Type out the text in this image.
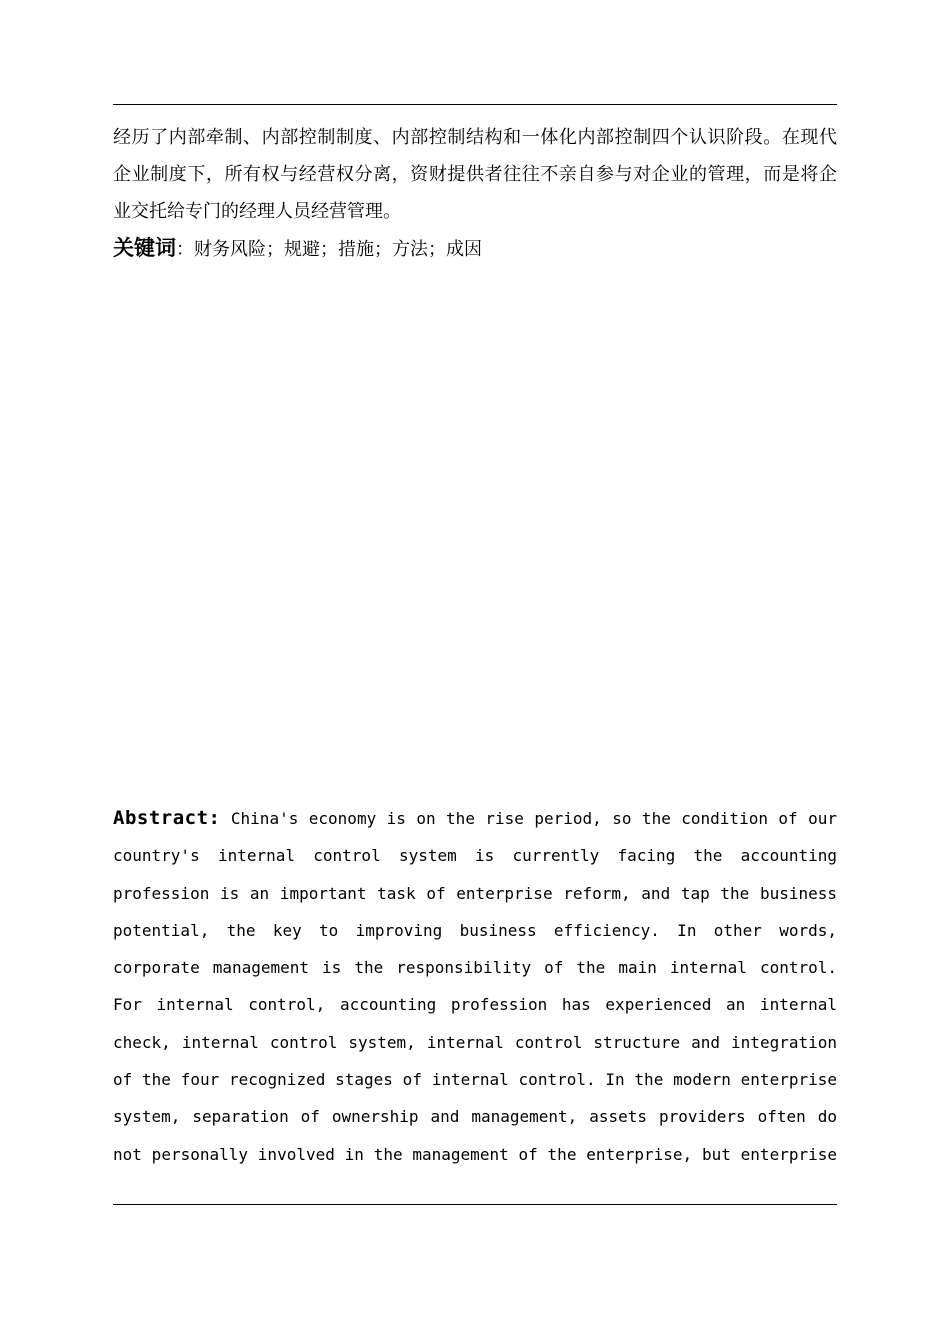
经历了内部牵制、内部控制制度、内部控制结构和一体化内部控制四个认识阶段。在现代
企业制度下，所有权与经营权分离，资财提供者往往不亲自参与对企业的管理，而是将企
业交托给专门的经理人员经营管理。
关键词：财务风险；规避；措施；方法；成因
Abstract: China's economy is on the rise period, so the condition of our
country's internal control system is currently facing the accounting
profession is an important task of enterprise reform, and tap the business
potential, the key to improving business efficiency. In other words,
corporate management is the responsibility of the main internal control.
For internal control, accounting profession has experienced an internal
check, internal control system, internal control structure and integration
of the four recognized stages of internal control. In the modern enterprise
system, separation of ownership and management, assets providers often do
not personally involved in the management of the enterprise, but enterprise
